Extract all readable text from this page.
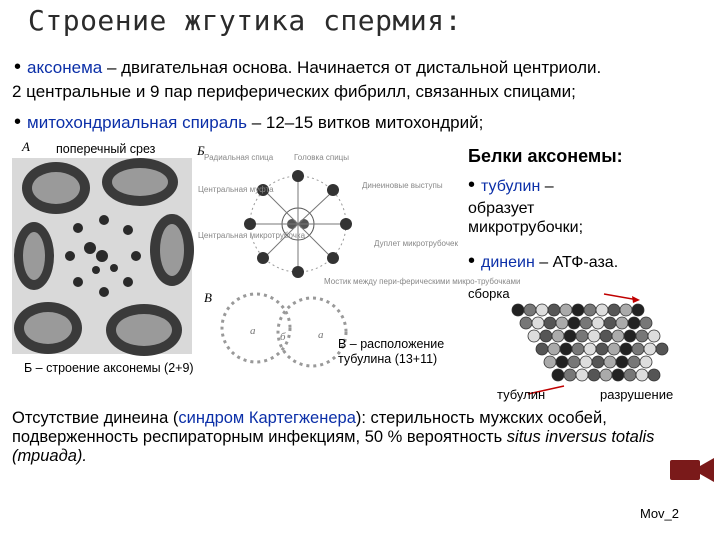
Строение жгутика спермия:
• аксонема – двигательная основа. Начинается от дистальной центриоли.
2 центральные и 9 пар периферических фибрилл, связанных спицами;
• митохондриальная спираль – 12–15 витков митохондрий;
А поперечный срез	Б
В
Радиальная спица	Головка спицы
Центральная муфта	Динеиновые выступы
Центральная микротрубочка
Дуплет микротрубочек
Мостик между пери-ферическими микро-трубочками
а б	а
Б – строение аксонемы (2+9)
В – расположение тубулина (13+11)
Белки аксонемы:
• тубулин –
образует
микротрубочки;
• динеин – АТФ-аза.
сборка
тубулин	разрушение
Отсутствие динеина (синдром Картегженера): стерильность мужских особей, подверженность респираторным инфекциям, 50 % вероятность situs inversus totalis (триада).
Mov_2
